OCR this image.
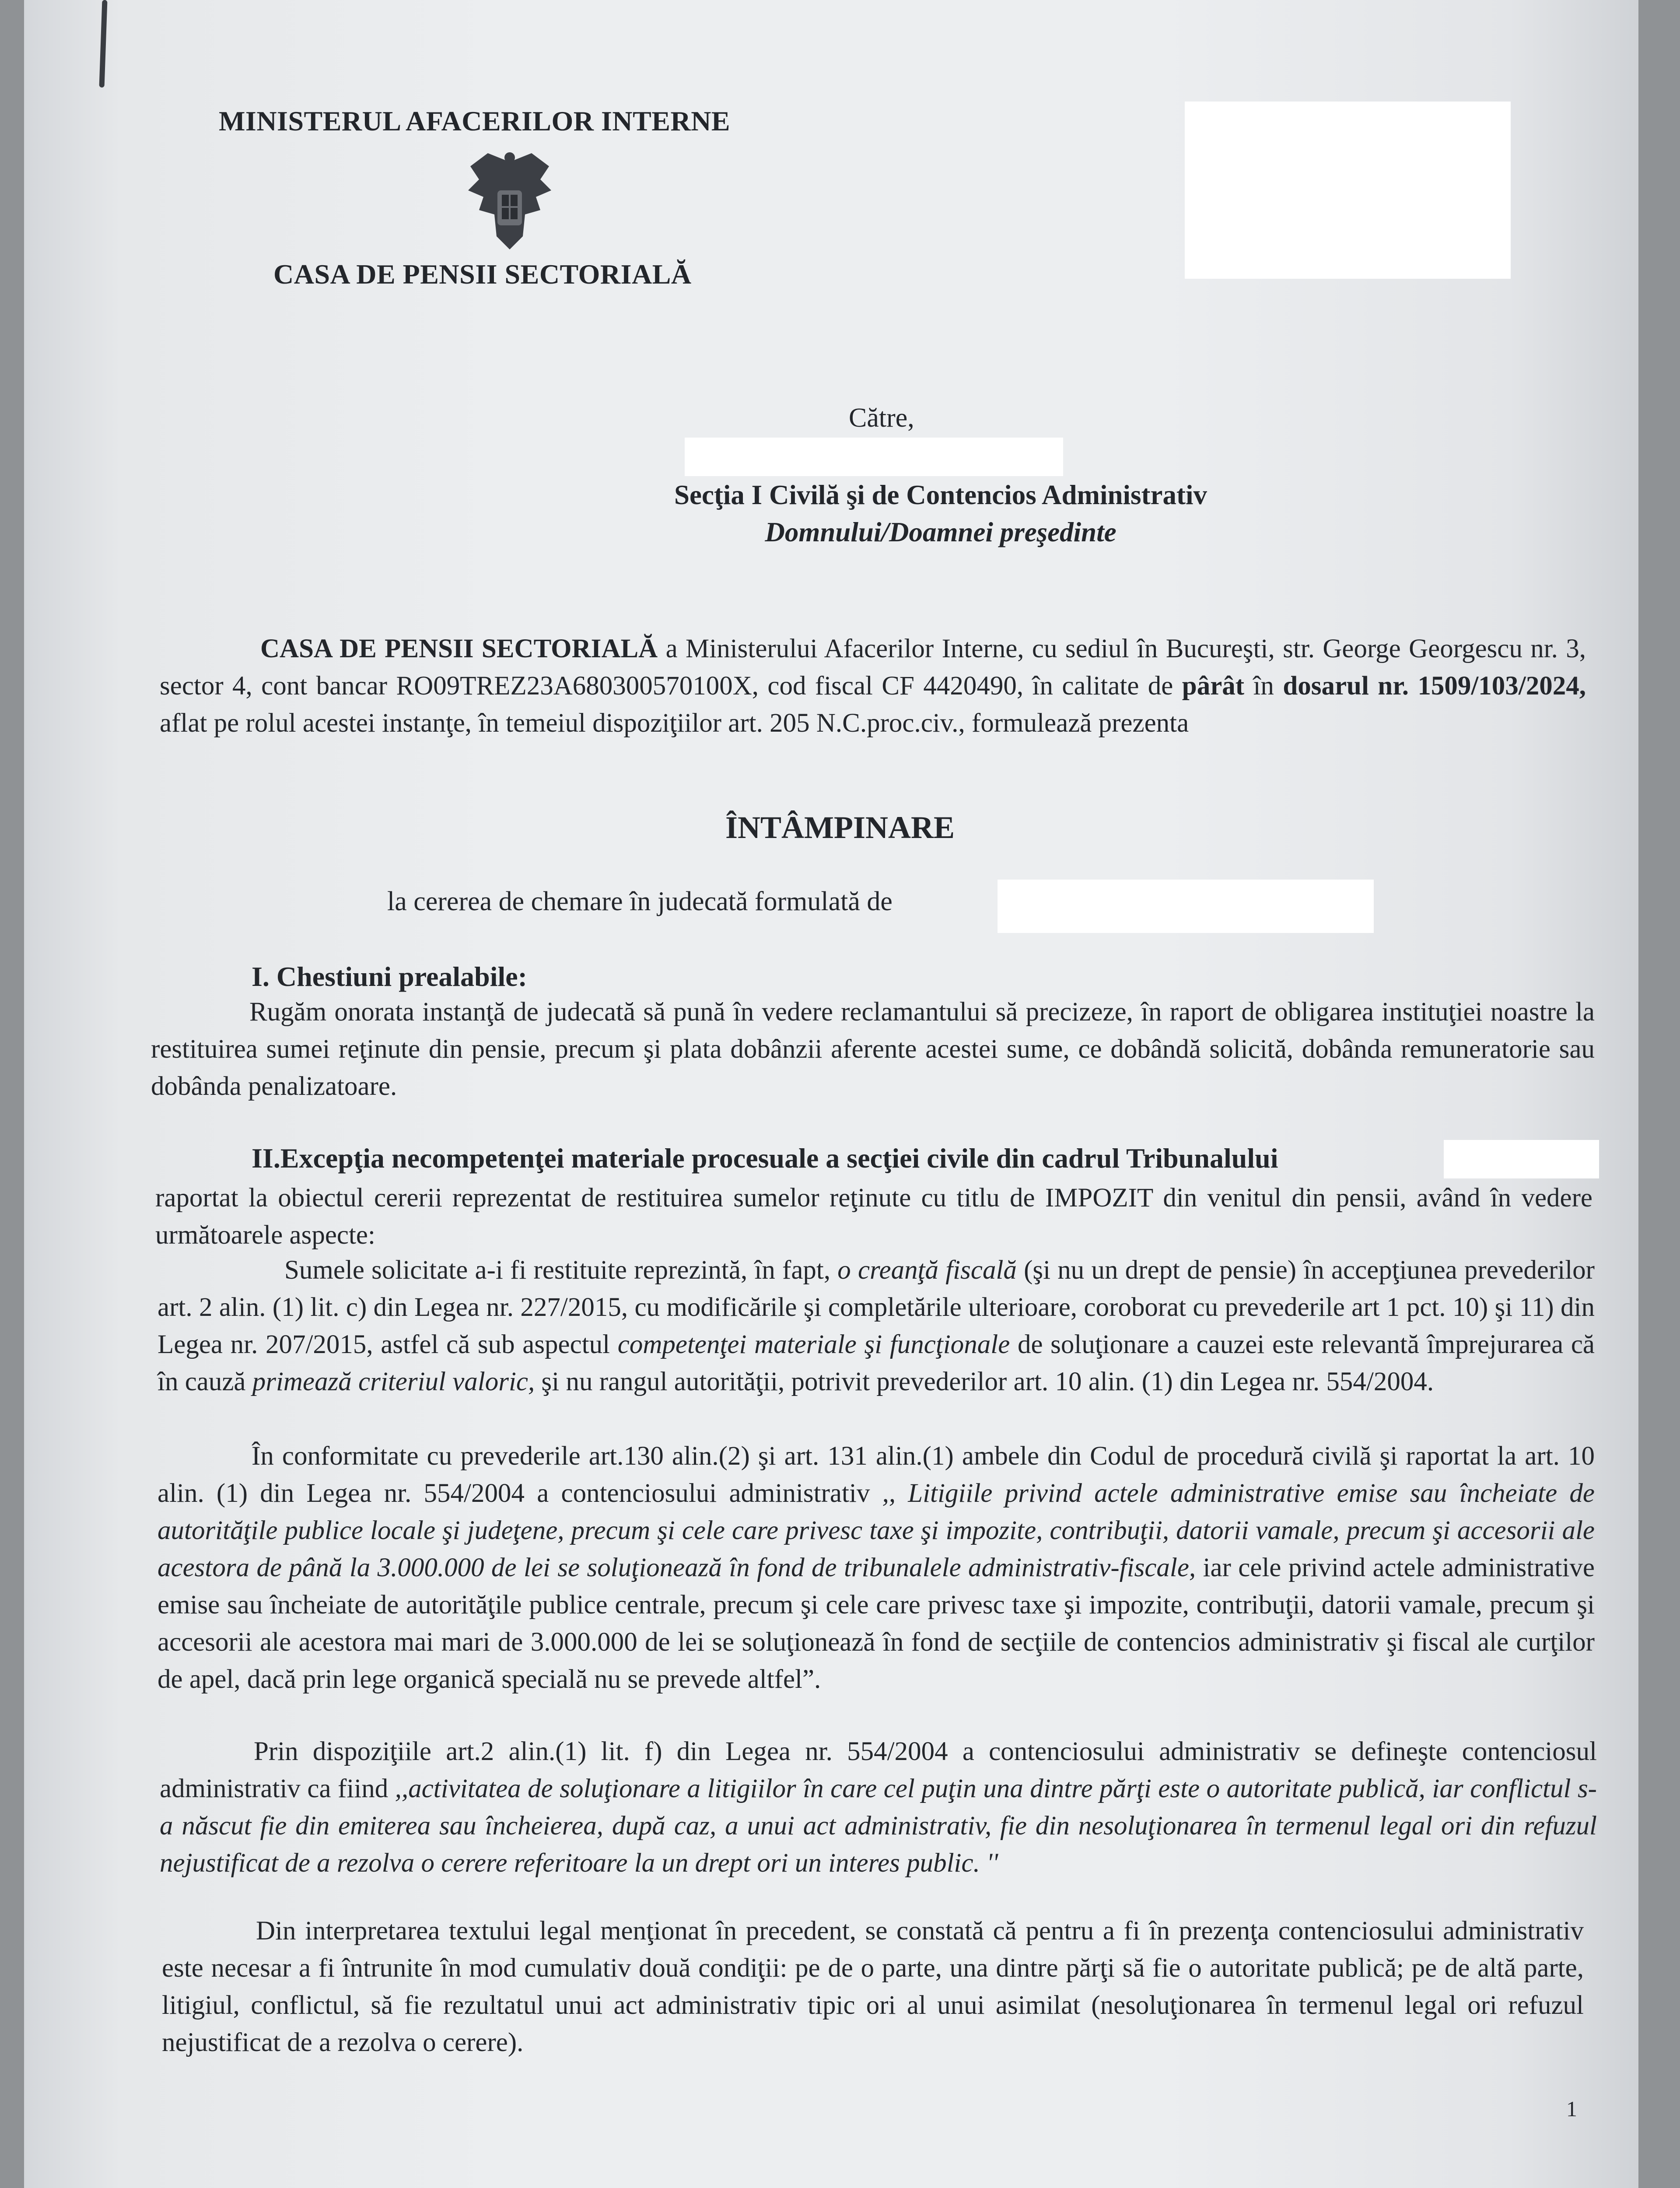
MINISTERUL AFACERILOR INTERNE
CASA DE PENSII SECTORIALĂ
Către,
Secţia I Civilă şi de Contencios Administrativ
Domnului/Doamnei preşedinte

CASA DE PENSII SECTORIALĂ a Ministerului Afacerilor Interne, cu sediul în Bucureşti, str. George Georgescu nr. 3, sector 4, cont bancar RO09TREZ23A680300570100X, cod fiscal CF 4420490, în calitate de pârât în dosarul nr. 1509/103/2024, aflat pe rolul acestei instanţe, în temeiul dispoziţiilor art. 205 N.C.proc.civ., formulează prezenta

ÎNTÂMPINARE
la cererea de chemare în judecată formulată de
I. Chestiuni prealabile:

Rugăm onorata instanţă de judecată să pună în vedere reclamantului să precizeze, în raport de obligarea instituţiei noastre la restituirea sumei reţinute din pensie, precum şi plata dobânzii aferente acestei sume, ce dobândă solicită, dobânda remuneratorie sau dobânda penalizatoare.

II.Excepţia necompetenţei materiale procesuale a secţiei civile din cadrul Tribunalului

raportat la obiectul cererii reprezentat de restituirea sumelor reţinute cu titlu de IMPOZIT din venitul din pensii, având în vedere următoarele aspecte:

Sumele solicitate a-i fi restituite reprezintă, în fapt, o creanţă fiscală (şi nu un drept de pensie) în accepţiunea prevederilor art. 2 alin. (1) lit. c) din Legea nr. 227/2015, cu modificările şi completările ulterioare, coroborat cu prevederile art 1 pct. 10) şi 11) din Legea nr. 207/2015, astfel că sub aspectul competenţei materiale şi funcţionale de soluţionare a cauzei este relevantă împrejurarea că în cauză primează criteriul valoric, şi nu rangul autorităţii, potrivit prevederilor art. 10 alin. (1) din Legea nr. 554/2004.

În conformitate cu prevederile art.130 alin.(2) şi art. 131 alin.(1) ambele din Codul de procedură civilă şi raportat la art. 10 alin. (1) din Legea nr. 554/2004 a contenciosului administrativ ,, Litigiile privind actele administrative emise sau încheiate de autorităţile publice locale şi judeţene, precum şi cele care privesc taxe şi impozite, contribuţii, datorii vamale, precum şi accesorii ale acestora de până la 3.000.000 de lei se soluţionează în fond de tribunalele administrativ-fiscale, iar cele privind actele administrative emise sau încheiate de autorităţile publice centrale, precum şi cele care privesc taxe şi impozite, contribuţii, datorii vamale, precum şi accesorii ale acestora mai mari de 3.000.000 de lei se soluţionează în fond de secţiile de contencios administrativ şi fiscal ale curţilor de apel, dacă prin lege organică specială nu se prevede altfel”.

Prin dispoziţiile art.2 alin.(1) lit. f) din Legea nr. 554/2004 a contenciosului administrativ se defineşte contenciosul administrativ ca fiind ,,activitatea de soluţionare a litigiilor în care cel puţin una dintre părţi este o autoritate publică, iar conflictul s-a născut fie din emiterea sau încheierea, după caz, a unui act administrativ, fie din nesoluţionarea în termenul legal ori din refuzul nejustificat de a rezolva o cerere referitoare la un drept ori un interes public. ''

Din interpretarea textului legal menţionat în precedent, se constată că pentru a fi în prezenţa contenciosului administrativ este necesar a fi întrunite în mod cumulativ două condiţii: pe de o parte, una dintre părţi să fie o autoritate publică; pe de altă parte, litigiul, conflictul, să fie rezultatul unui act administrativ tipic ori al unui asimilat (nesoluţionarea în termenul legal ori refuzul nejustificat de a rezolva o cerere).

1
